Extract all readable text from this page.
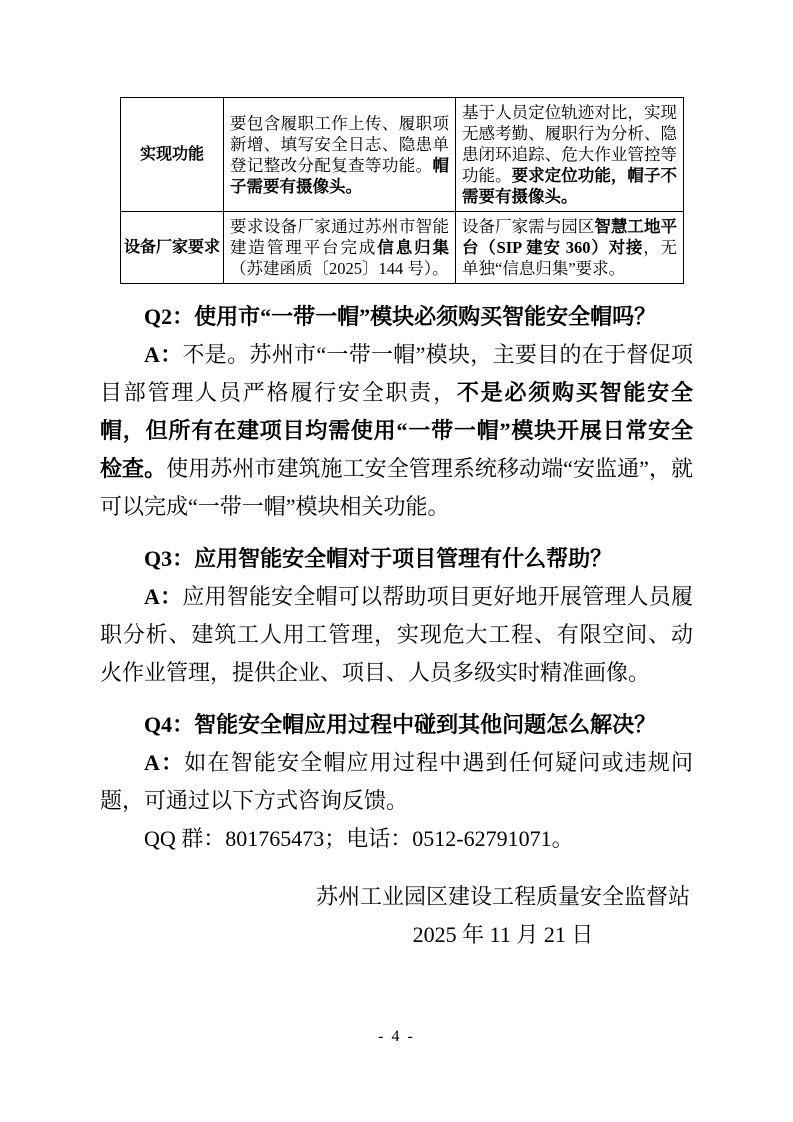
实现功能	要包含履职工作上传、履职项新增、填写安全日志、隐患单登记整改分配复查等功能。帽子需要有摄像头。	基于人员定位轨迹对比，实现无感考勤、履职行为分析、隐患闭环追踪、危大作业管控等功能。要求定位功能，帽子不需要有摄像头。
设备厂家要求	要求设备厂家通过苏州市智能建造管理平台完成信息归集（苏建函质〔2025〕144 号）。	设备厂家需与园区智慧工地平台（SIP 建安 360）对接，无单独“信息归集”要求。

Q2：使用市“一带一帽”模块必须购买智能安全帽吗？

A：不是。苏州市“一带一帽”模块，主要目的在于督促项目部管理人员严格履行安全职责，不是必须购买智能安全帽，但所有在建项目均需使用“一带一帽”模块开展日常安全检查。使用苏州市建筑施工安全管理系统移动端“安监通”，就可以完成“一带一帽”模块相关功能。

Q3：应用智能安全帽对于项目管理有什么帮助？

A：应用智能安全帽可以帮助项目更好地开展管理人员履职分析、建筑工人用工管理，实现危大工程、有限空间、动火作业管理，提供企业、项目、人员多级实时精准画像。

Q4：智能安全帽应用过程中碰到其他问题怎么解决？

A：如在智能安全帽应用过程中遇到任何疑问或违规问题，可通过以下方式咨询反馈。

QQ 群：801765473；电话：0512-62791071。

苏州工业园区建设工程质量安全监督站

2025 年 11 月 21 日

- 4 -
